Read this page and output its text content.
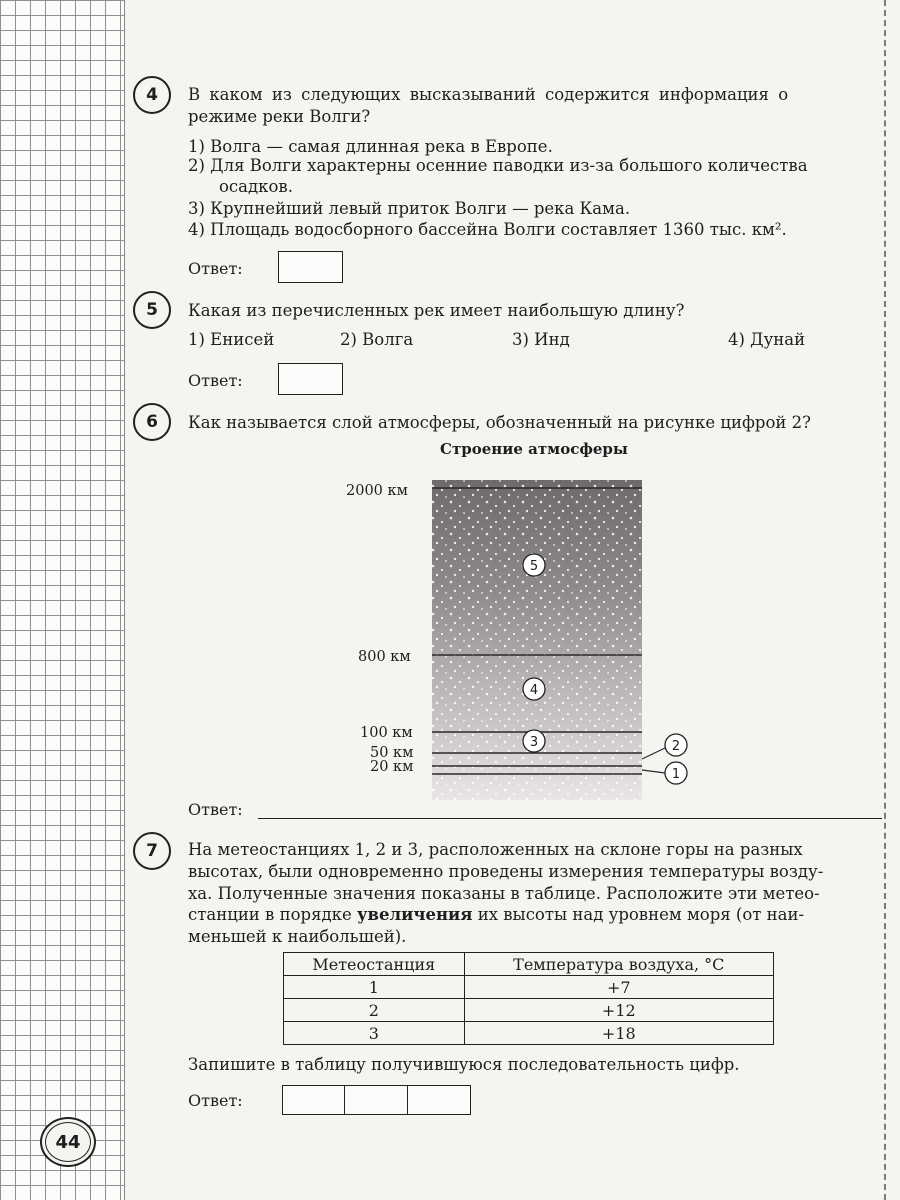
4	В каком из следующих высказываний содержится информация о
режиме реки Волги?
1) Волга — самая длинная река в Европе.
2) Для Волги характерны осенние паводки из-за большого количества
осадков.
3) Крупнейший левый приток Волги — река Кама.
4) Площадь водосборного бассейна Волги составляет 1360 тыс. км².
Ответ:
5	Какая из перечисленных рек имеет наибольшую длину?
1) Енисей	2) Волга	3) Инд	4) Дунай
Ответ:
6	Как называется слой атмосферы, обозначенный на рисунке цифрой 2?
Строение атмосферы
2000 км
800 км
100 км
50 км
20 км
5
4
3	2
1
Ответ:
7	На метеостанциях 1, 2 и 3, расположенных на склоне горы на разных
высотах, были одновременно проведены измерения температуры возду-
ха. Полученные значения показаны в таблице. Расположите эти метео-
станции в порядке увеличения их высоты над уровнем моря (от наи-
меньшей к наибольшей).
Метеостанция	Температура воздуха, °С
1	+7
2	+12
3	+18
Запишите в таблицу получившуюся последовательность цифр.
Ответ:
44
